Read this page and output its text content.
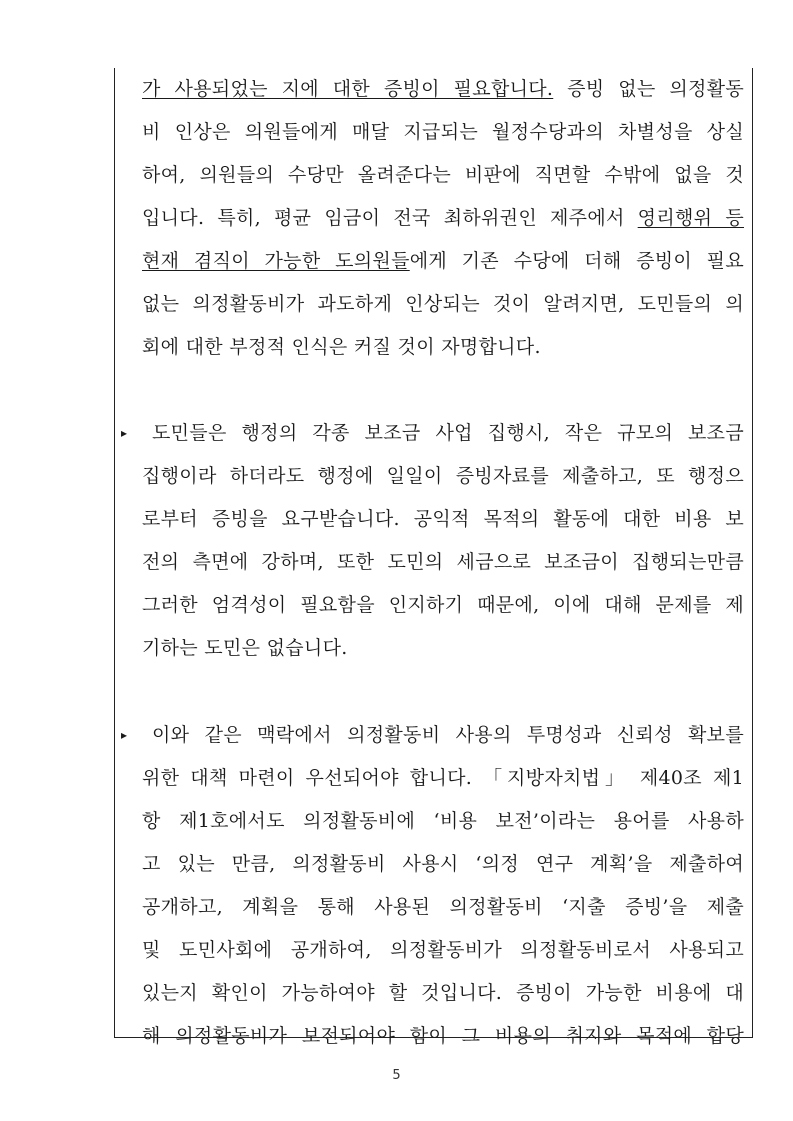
가 사용되었는 지에 대한 증빙이 필요합니다. 증빙 없는 의정활동
비 인상은 의원들에게 매달 지급되는 월정수당과의 차별성을 상실
하여, 의원들의 수당만 올려준다는 비판에 직면할 수밖에 없을 것
입니다. 특히, 평균 임금이 전국 최하위권인 제주에서 영리행위 등
현재 겸직이 가능한 도의원들에게 기존 수당에 더해 증빙이 필요
없는 의정활동비가 과도하게 인상되는 것이 알려지면, 도민들의 의
회에 대한 부정적 인식은 커질 것이 자명합니다.
▸	도민들은 행정의 각종 보조금 사업 집행시, 작은 규모의 보조금
집행이라 하더라도 행정에 일일이 증빙자료를 제출하고, 또 행정으
로부터 증빙을 요구받습니다. 공익적 목적의 활동에 대한 비용 보
전의 측면에 강하며, 또한 도민의 세금으로 보조금이 집행되는만큼
그러한 엄격성이 필요함을 인지하기 때문에, 이에 대해 문제를 제
기하는 도민은 없습니다.
▸	이와 같은 맥락에서 의정활동비 사용의 투명성과 신뢰성 확보를
위한 대책 마련이 우선되어야 합니다. 「지방자치법」 제40조 제1
항 제1호에서도 의정활동비에 ‘비용 보전’이라는 용어를 사용하
고 있는 만큼, 의정활동비 사용시 ‘의정 연구 계획’을 제출하여
공개하고, 계획을 통해 사용된 의정활동비 ‘지출 증빙’을 제출
및 도민사회에 공개하여, 의정활동비가 의정활동비로서 사용되고
있는지 확인이 가능하여야 할 것입니다. 증빙이 가능한 비용에 대
해 의정활동비가 보전되어야 함이 그 비용의 취지와 목적에 합당
5
